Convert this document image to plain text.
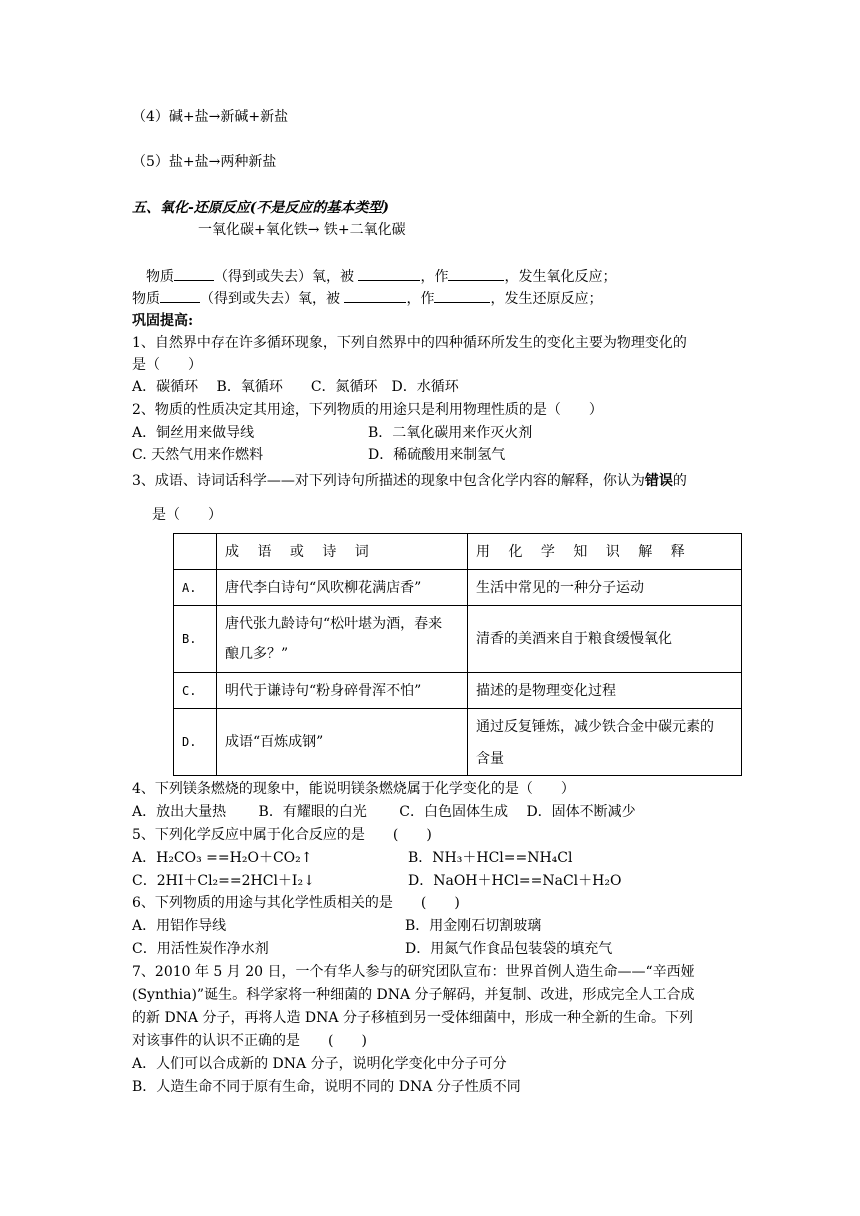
（4）碱+盐→新碱+新盐
（5）盐+盐→两种新盐
五、氧化-还原反应(不是反应的基本类型)
一氧化碳+氧化铁→ 铁+二氧化碳
物质	（得到或失去）氧，被	，作	，发生氧化反应；
物质	（得到或失去）氧，被	，作	，发生还原反应；
巩固提高:
1、自然界中存在许多循环现象，下列自然界中的四种循环所发生的变化主要为物理变化的
是（　　）
A．碳循环　 B．氧循环　　C．氮循环　D．水循环
2、物质的性质决定其用途，下列物质的用途只是利用物理性质的是（　　）
A．铜丝用来做导线	B．二氧化碳用来作灭火剂
C. 天然气用来作燃料	D．稀硫酸用来制氢气
3、成语、诗词话科学——对下列诗句所描述的现象中包含化学内容的解释，你认为错误的
是（　　）
	成 语 或 诗 词	用 化 学 知 识 解 释
A.	唐代李白诗句“风吹柳花满店香”	生活中常见的一种分子运动
B.	唐代张九龄诗句“松叶堪为酒，春来
酿几多？”	清香的美酒来自于粮食缓慢氧化
C.	明代于谦诗句“粉身碎骨浑不怕”	描述的是物理变化过程
D.	成语“百炼成钢”	通过反复锤炼，减少铁合金中碳元素的
含量
4、下列镁条燃烧的现象中，能说明镁条燃烧属于化学变化的是（　　）
A．放出大量热　　 B．有耀眼的白光　　 C．白色固体生成　 D．固体不断减少
5、下列化学反应中属于化合反应的是　　(　　)
A．H₂CO₃ ==H₂O＋CO₂↑	B．NH₃＋HCl==NH₄Cl
C．2HI＋Cl₂==2HCl＋I₂↓	D．NaOH＋HCl==NaCl＋H₂O
6、下列物质的用途与其化学性质相关的是　　(　　)
A．用铝作导线	B．用金刚石切割玻璃
C．用活性炭作净水剂	D．用氮气作食品包装袋的填充气
7、2010 年 5 月 20 日，一个有华人参与的研究团队宣布：世界首例人造生命——“辛西娅
(Synthia)”诞生。科学家将一种细菌的 DNA 分子解码，并复制、改进，形成完全人工合成
的新 DNA 分子，再将人造 DNA 分子移植到另一受体细菌中，形成一种全新的生命。下列
对该事件的认识不正确的是　　(　　)
A．人们可以合成新的 DNA 分子，说明化学变化中分子可分
B．人造生命不同于原有生命，说明不同的 DNA 分子性质不同
